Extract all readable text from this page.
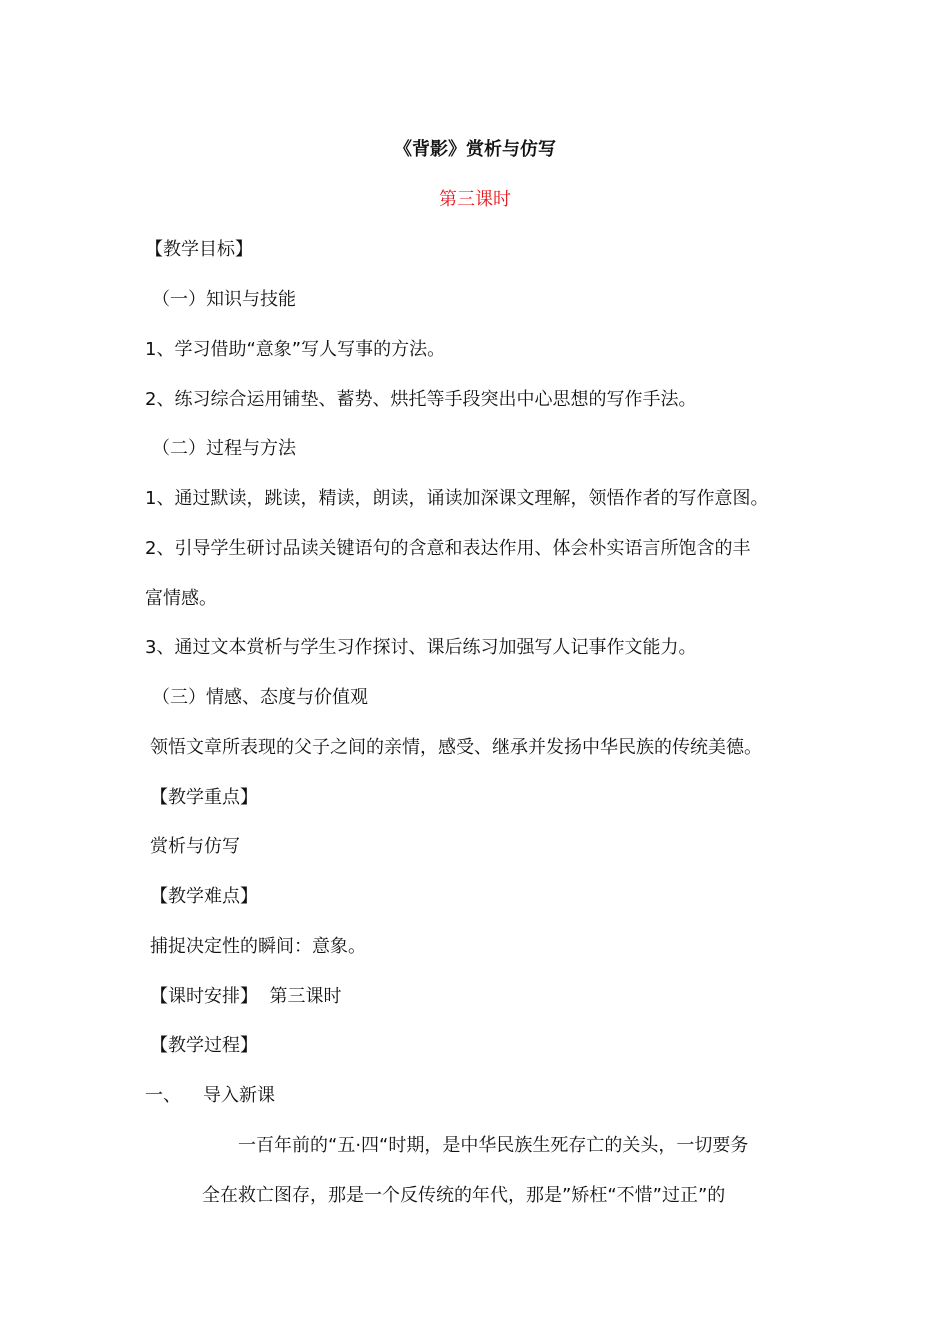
《背影》赏析与仿写
第三课时
【教学目标】
（一）知识与技能
1、学习借助“意象”写人写事的方法。
2、练习综合运用铺垫、蓄势、烘托等手段突出中心思想的写作手法。
（二）过程与方法
1、通过默读，跳读，精读，朗读，诵读加深课文理解，领悟作者的写作意图。
2、引导学生研讨品读关键语句的含意和表达作用、体会朴实语言所饱含的丰
富情感。
3、通过文本赏析与学生习作探讨、课后练习加强写人记事作文能力。
（三）情感、态度与价值观
领悟文章所表现的父子之间的亲情，感受、继承并发扬中华民族的传统美德。
【教学重点】
赏析与仿写
【教学难点】
捕捉决定性的瞬间：意象。
【课时安排】 第三课时
【教学过程】
一、 导入新课
一百年前的“五·四“时期，是中华民族生死存亡的关头，一切要务
全在救亡图存，那是一个反传统的年代，那是”矫枉“不惜”过正”的
